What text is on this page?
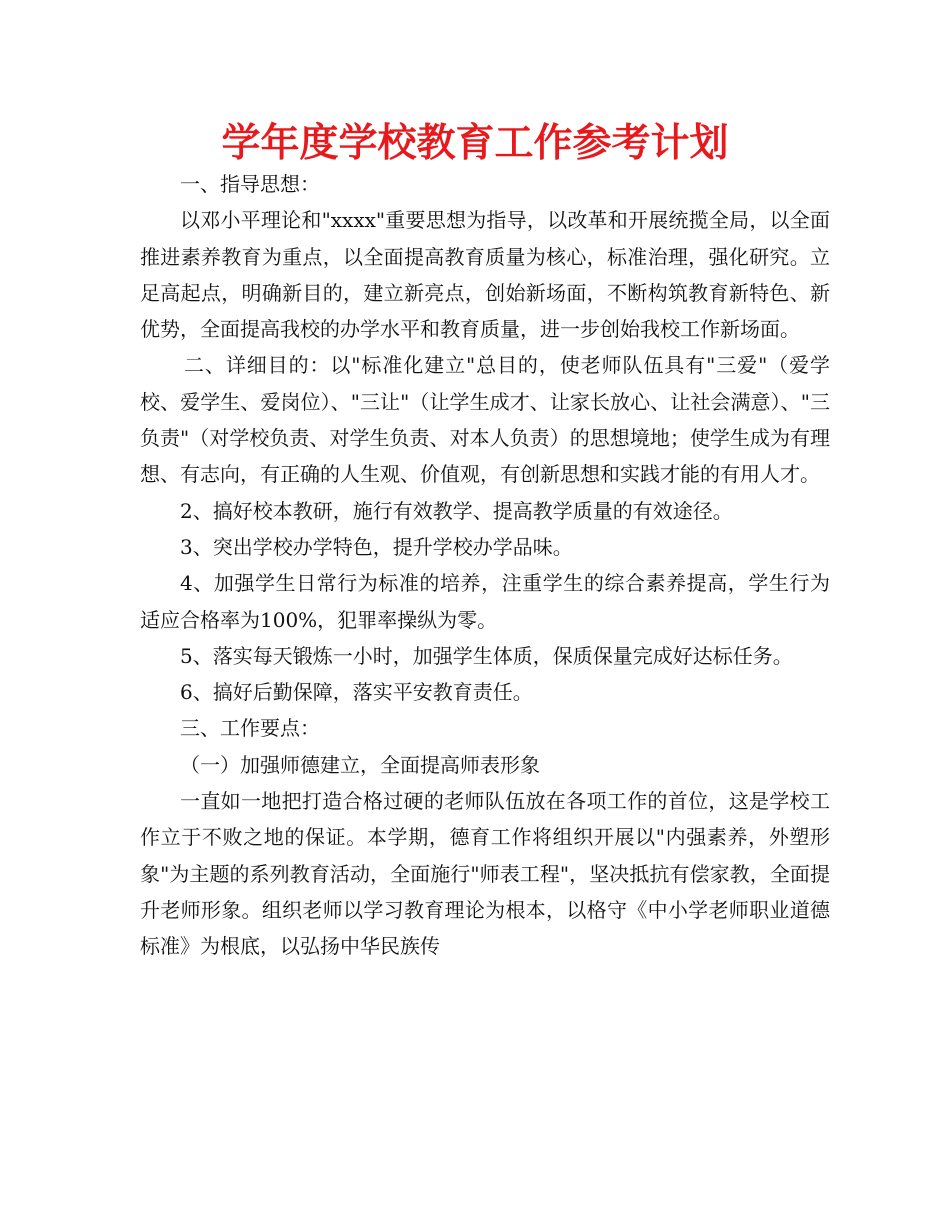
学年度学校教育工作参考计划

一、指导思想：

以邓小平理论和"xxxx"重要思想为指导，以改革和开展统揽全局，以全面推进素养教育为重点，以全面提高教育质量为核心，标准治理，强化研究。立足高起点，明确新目的，建立新亮点，创始新场面，不断构筑教育新特色、新优势，全面提高我校的办学水平和教育质量，进一步创始我校工作新场面。

二、详细目的：以"标准化建立"总目的，使老师队伍具有"三爱"（爱学校、爱学生、爱岗位）、"三让"（让学生成才、让家长放心、让社会满意）、"三负责"（对学校负责、对学生负责、对本人负责）的思想境地；使学生成为有理想、有志向，有正确的人生观、价值观，有创新思想和实践才能的有用人才。

2、搞好校本教研，施行有效教学、提高教学质量的有效途径。

3、突出学校办学特色，提升学校办学品味。

4、加强学生日常行为标准的培养，注重学生的综合素养提高，学生行为适应合格率为100%，犯罪率操纵为零。

5、落实每天锻炼一小时，加强学生体质，保质保量完成好达标任务。

6、搞好后勤保障，落实平安教育责任。

三、工作要点：

（一）加强师德建立，全面提高师表形象

一直如一地把打造合格过硬的老师队伍放在各项工作的首位，这是学校工作立于不败之地的保证。本学期，德育工作将组织开展以"内强素养，外塑形象"为主题的系列教育活动，全面施行"师表工程"，坚决抵抗有偿家教，全面提升老师形象。组织老师以学习教育理论为根本，以格守《中小学老师职业道德标准》为根底，以弘扬中华民族传
